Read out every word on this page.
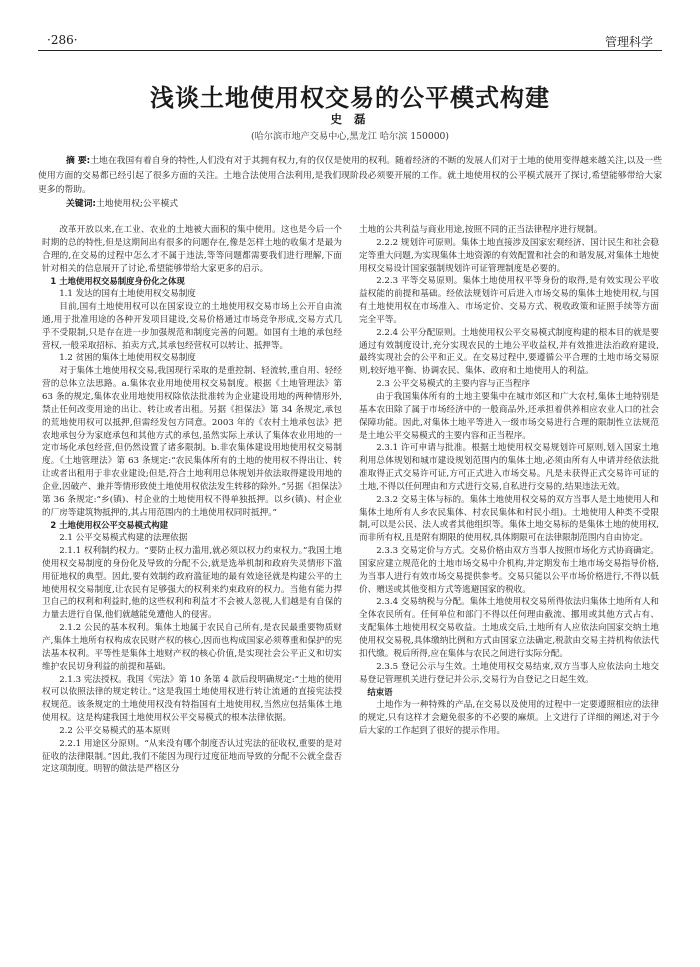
·286·	管理科学
浅谈土地使用权交易的公平模式构建
史 磊
(哈尔滨市地产交易中心,黑龙江 哈尔滨 150000)
摘 要:土地在我国有着自身的特性,人们没有对于其拥有权力,有的仅仅是使用的权利。随着经济的不断的发展人们对于土地的使用变得越来越关注,以及一些使用方面的交易都已经引起了很多方面的关注。土地合法使用合法利用,是我们现阶段必须要开展的工作。就土地使用权的公平模式展开了探讨,希望能够带给大家更多的帮助。
关键词:土地使用权;公平模式

改革开放以来,在工业、农业的土地被大面积的集中使用。这也是今后一个时期的总的特性,但是这期间出有很多的问题存在,像是怎样土地的收集才是最为合理的,在交易的过程中怎么才不属于违法,等等问题都需要我们进行理解,下面针对相关的信息展开了讨论,希望能够带给大家更多的启示。

1 土地使用权交易制度身份化之体现

1.1 发达的国有土地使用权交易制度

目前,国有土地使用权可以在国家设立的土地使用权交易市场上公开自由流通,用于批准用途的各种开发项目建设,交易价格通过市场竞争形成,交易方式几乎不受限制,只是存在进一步加强规范和制度完善的问题。如国有土地的承包经营权,一般采取招标、拍卖方式,其承包经营权可以转让、抵押等。

1.2 贫困的集体土地使用权交易制度

对于集体土地使用权交易,我国现行采取的是重控制、轻流转,重自用、轻经营的总体立法思路。a.集体农业用地使用权交易制度。根据《土地管理法》第 63 条的规定,集体农业用地使用权除依法批准转为企业建设用地的两种情形外,禁止任何改变用途的出让、转让或者出租。另据《担保法》第 34 条规定,承包的荒地使用权可以抵押,但需经发包方同意。2003 年的《农村土地承包法》把农地承包分为家庭承包和其他方式的承包,虽然实际上承认了集体农业用地的一定市场化承包经营,但仍然设置了诸多限制。b.非农集体建设用地使用权交易制度。《土地管理法》第 63 条规定:“农民集体所有的土地的使用权不得出让、转让或者出租用于非农业建设;但是,符合土地利用总体规划并依法取得建设用地的企业,因破产、兼并等情形致使土地使用权依法发生转移的除外。”另据《担保法》第 36 条规定:“乡(镇)、村企业的土地使用权不得单独抵押。以乡(镇)、村企业的厂房等建筑物抵押的,其占用范围内的土地使用权同时抵押。”

2 土地使用权公平交易模式构建

2.1 公平交易模式构建的法理依据

2.1.1 权利制约权力。“要防止权力滥用,就必须以权力约束权力。”我国土地使用权交易制度的身份化及导致的分配不公,就是选举机制和政府失灵情形下滥用征地权的典型。因此,要有效制约政府滥征地的最有效途径就是构建公平的土地使用权交易制度,让农民有足够强大的权利来约束政府的权力。当他有能力捍卫自己的权利和利益时,他的这些权利和利益才不会被人忽视,人们越是有自保的力量去进行自保,他们就越能免遭他人的侵害。

2.1.2 公民的基本权利。集体土地属于农民自己所有,是农民最重要物质财产,集体土地所有权构成农民财产权的核心,因而也构成国家必须尊重和保护的宪法基本权利。平等性是集体土地财产权的核心价值,是实现社会公平正义和切实维护农民切身利益的前提和基础。

2.1.3 宪法授权。我国《宪法》第 10 条第 4 款后段明确规定:“土地的使用权可以依照法律的规定转让。”这是我国土地使用权进行转让流通的直接宪法授权规范。该条规定的土地使用权没有特指国有土地使用权,当然应包括集体土地使用权。这是构建我国土地使用权公平交易模式的根本法律依据。

2.2 公平交易模式的基本原则

2.2.1 用途区分原则。“从来没有哪个制度否认过宪法的征收权,重要的是对征收的法律限制。”因此,我们不能因为现行过度征地而导致的分配不公就全盘否定这项制度。明智的做法是严格区分

土地的公共利益与商业用途,按照不同的正当法律程序进行规制。

2.2.2 规划许可原则。集体土地直接涉及国家宏观经济、国计民生和社会稳定等重大问题,为实现集体土地资源的有效配置和社会的和谐发展,对集体土地使用权交易设计国家强制规划许可证管理制度是必要的。

2.2.3 平等交易原则。集体土地使用权平等身份的取得,是有效实现公平收益权能的前提和基础。经依法规划许可后进入市场交易的集体土地使用权,与国有土地使用权在市场准入、市场定价、交易方式、税收政策和证照手续等方面完全平等。

2.2.4 公平分配原则。土地使用权公平交易模式制度构建的根本目的就是要通过有效制度设计,充分实现农民的土地公平收益权,并有效推进法治政府建设,最终实现社会的公平和正义。在交易过程中,要遵循公平合理的土地市场交易原则,较好地平衡、协调农民、集体、政府和土地使用人的利益。

2.3 公平交易模式的主要内容与正当程序

由于我国集体所有的土地主要集中在城市郊区和广大农村,集体土地特别是基本农田除了属于市场经济中的一般商品外,还承担着供养相应农业人口的社会保障功能。因此,对集体土地平等进入一级市场交易进行合理的限制性立法规范是土地公平交易模式的主要内容和正当程序。

2.3.1 许可申请与批准。根据土地使用权交易规划许可原则,划入国家土地利用总体规划和城市建设规划范围内的集体土地,必须由所有人申请并经依法批准取得正式交易许可证,方可正式进入市场交易。凡是未获得正式交易许可证的土地,不得以任何理由和方式进行交易,自私进行交易的,结果违法无效。

2.3.2 交易主体与标的。集体土地使用权交易的双方当事人是土地使用人和集体土地所有人乡农民集体、村农民集体和村民小组)。土地使用人种类不受限制,可以是公民、法人或者其他组织等。集体土地交易标的是集体土地的使用权,而非所有权,且是附有期限的使用权,具体期限可在法律限制范围内自由协定。

2.3.3 交易定价与方式。交易价格由双方当事人按照市场化方式协商确定。国家应建立规范化的土地市场交易中介机构,并定期发布土地市场交易指导价格,为当事人进行有效市场交易提供参考。交易只能以公平市场价格进行,不得以低价、赠送或其他变相方式等逃避国家的税收。

2.3.4 交易纳税与分配。集体土地使用权交易所得依法归集体土地所有人和全体农民所有。任何单位和部门不得以任何理由截流、挪用或其他方式占有、支配集体土地使用权交易收益。土地成交后,土地所有人应依法向国家交纳土地使用权交易税,具体缴纳比例和方式由国家立法确定,税款由交易主持机构依法代扣代缴。税后所得,应在集体与农民之间进行实际分配。

2.3.5 登记公示与生效。土地使用权交易结束,双方当事人应依法向土地交易登记管理机关进行登记并公示,交易行为自登记之日起生效。

结束语

土地作为一种特殊的产品,在交易以及使用的过程中一定要遵照相应的法律的规定,只有这样才会避免很多的不必要的麻烦。上文进行了详细的阐述,对于今后大家的工作起到了很好的提示作用。
